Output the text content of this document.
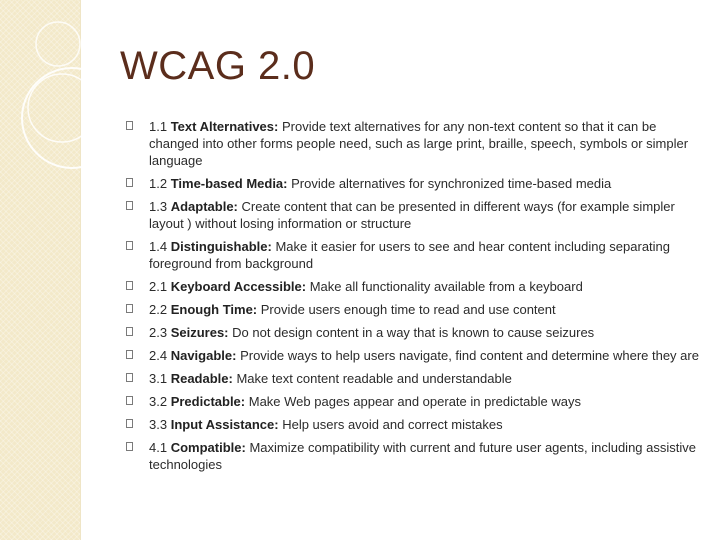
WCAG 2.0
1.1 Text Alternatives: Provide text alternatives for any non-text content so that it can be changed into other forms people need, such as large print, braille, speech, symbols or simpler language
1.2 Time-based Media: Provide alternatives for synchronized time-based media
1.3 Adaptable: Create content that can be presented in different ways (for example simpler layout ) without losing information or structure
1.4 Distinguishable: Make it easier for users to see and hear content including separating foreground from background
2.1 Keyboard Accessible: Make all functionality available from a keyboard
2.2 Enough Time: Provide users enough time to read and use content
2.3 Seizures: Do not design content in a way that is known to cause seizures
2.4 Navigable: Provide ways to help users navigate, find content and determine where they are
3.1 Readable: Make text content readable and understandable
3.2 Predictable: Make Web pages appear and operate in predictable ways
3.3 Input Assistance: Help users avoid and correct mistakes
4.1 Compatible: Maximize compatibility with current and future user agents, including assistive technologies
